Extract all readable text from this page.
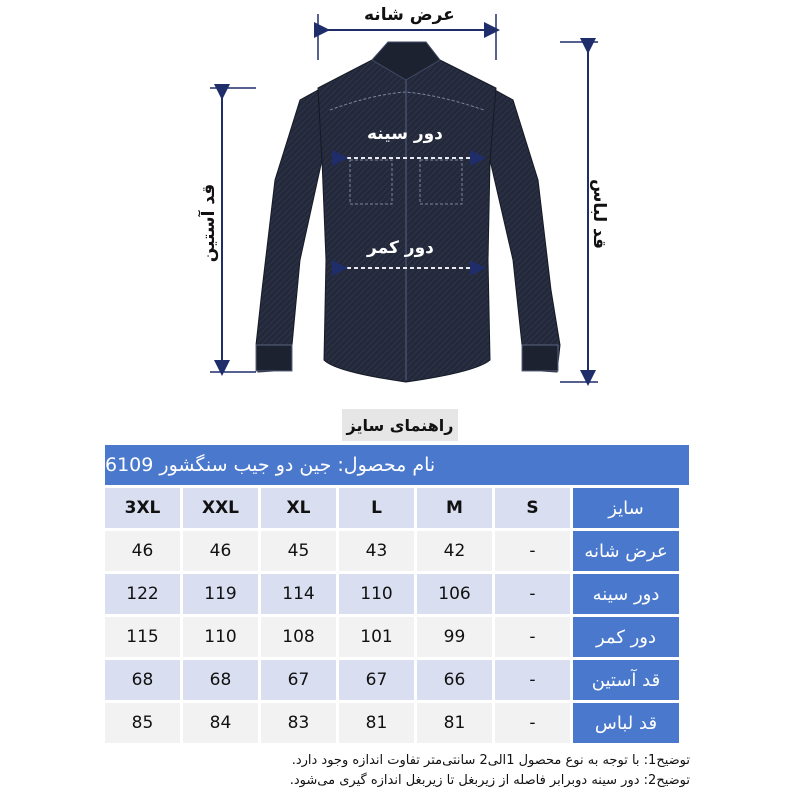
عرض شانه
دور سینه
دور کمر
قد آستین	قد لباس
راهنمای سایز
نام محصول: جین دو جیب سنگشور 6109
3XL	XXL	XL	L	M	S	سایز
46	46	45	43	42	-	عرض شانه
122	119	114	110	106	-	دور سینه
115	110	108	101	99	-	دور کمر
68	68	67	67	66	-	قد آستین
85	84	83	81	81	-	قد لباس
توضیح1: با توجه به نوع محصول 1الی2 سانتی‌متر تفاوت اندازه وجود دارد.
توضیح2: دور سینه دوبرابر فاصله از زیربغل تا زیربغل اندازه گیری می‌شود.
